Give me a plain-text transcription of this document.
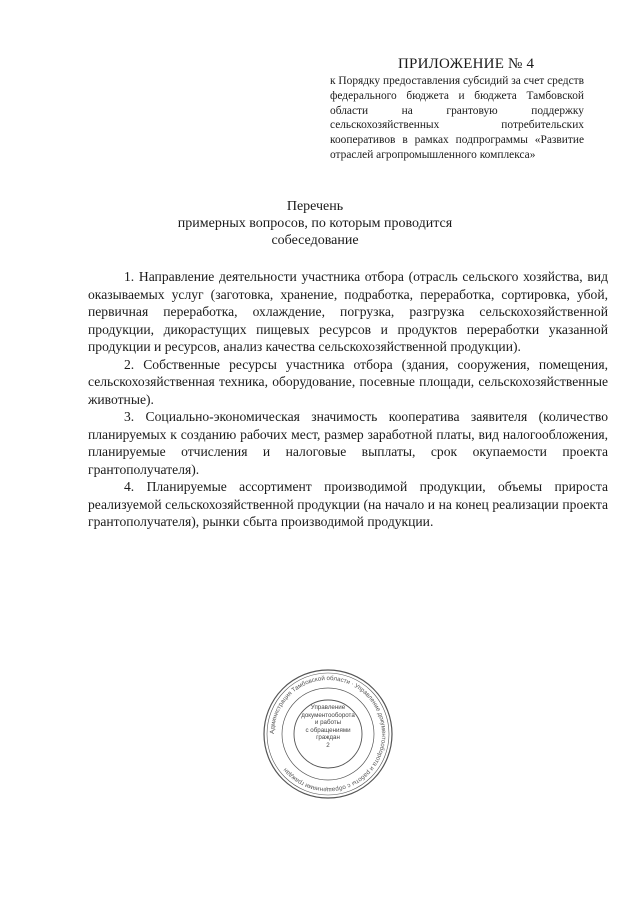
ПРИЛОЖЕНИЕ № 4
к Порядку предоставления субсидий за счет средств федерального бюджета и бюджета Тамбовской области на грантовую поддержку сельскохозяйственных потребительских кооперативов в рамках подпрограммы «Развитие отраслей агропромышленного комплекса»
Перечень
примерных вопросов, по которым проводится
собеседование

1. Направление деятельности участника отбора (отрасль сельского хозяйства, вид оказываемых услуг (заготовка, хранение, подработка, переработка, сортировка, убой, первичная переработка, охлаждение, погрузка, разгрузка сельскохозяйственной продукции, дикорастущих пищевых ресурсов и продуктов переработки указанной продукции и ресурсов, анализ качества сельскохозяйственной продукции).

2. Собственные ресурсы участника отбора (здания, сооружения, помещения, сельскохозяйственная техника, оборудование, посевные площади, сельскохозяйственные животные).

3. Социально-экономическая значимость кооператива заявителя (количество планируемых к созданию рабочих мест, размер заработной платы, вид налогообложения, планируемые отчисления и налоговые выплаты, срок окупаемости проекта грантополучателя).

4. Планируемые ассортимент производимой продукции, объемы прироста реализуемой сельскохозяйственной продукции (на начало и на конец реализации проекта грантополучателя), рынки сбыта производимой продукции.

Администрация Тамбовской области · Управление документооборота и работы с обращениями граждан
Управление
документооборота
и работы
с обращениями
граждан
2
